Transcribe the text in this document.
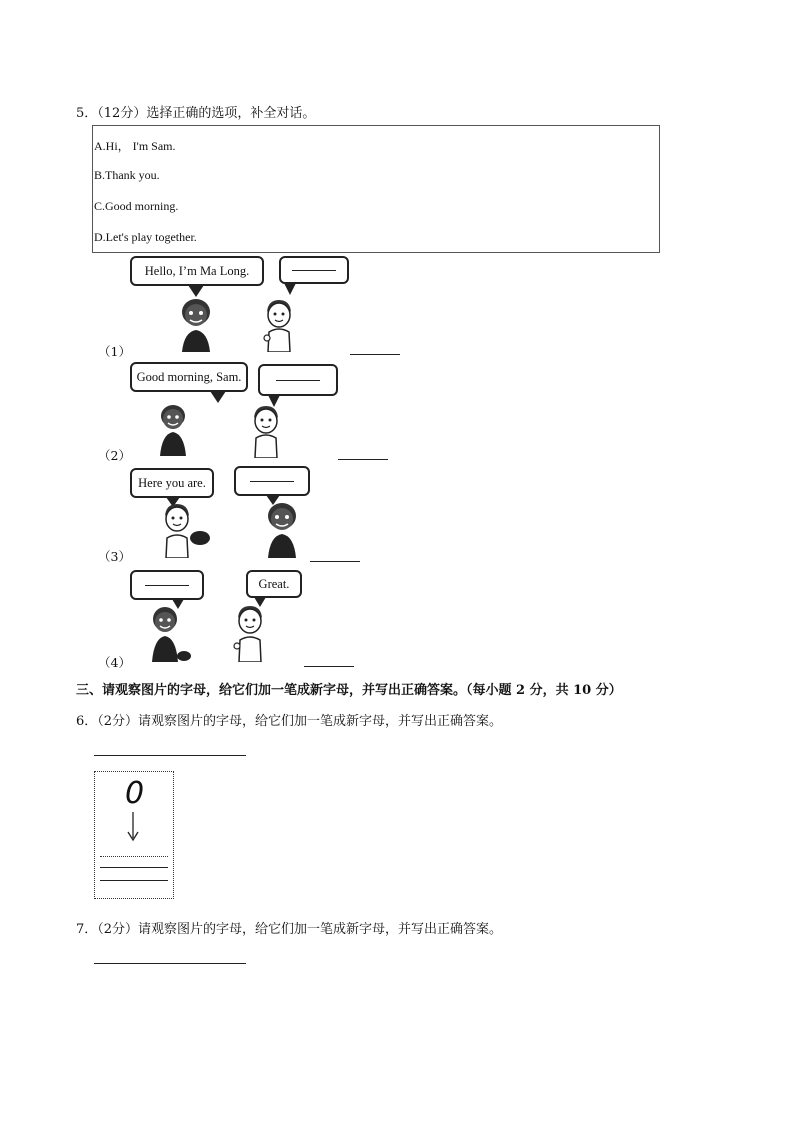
5．（12分）选择正确的选项，补全对话。
A.Hi， I'm Sam.
B.Thank you.
C.Good morning.
D.Let's play together.
Hello, I’m Ma Long.
（1）
Good morning, Sam.
（2）
Here you are.
（3）
Great.
（4）
三、请观察图片的字母，给它们加一笔成新字母，并写出正确答案。（每小题 2 分，共 10 分）
6．（2分）请观察图片的字母，给它们加一笔成新字母，并写出正确答案。
0
7．（2分）请观察图片的字母，给它们加一笔成新字母，并写出正确答案。
